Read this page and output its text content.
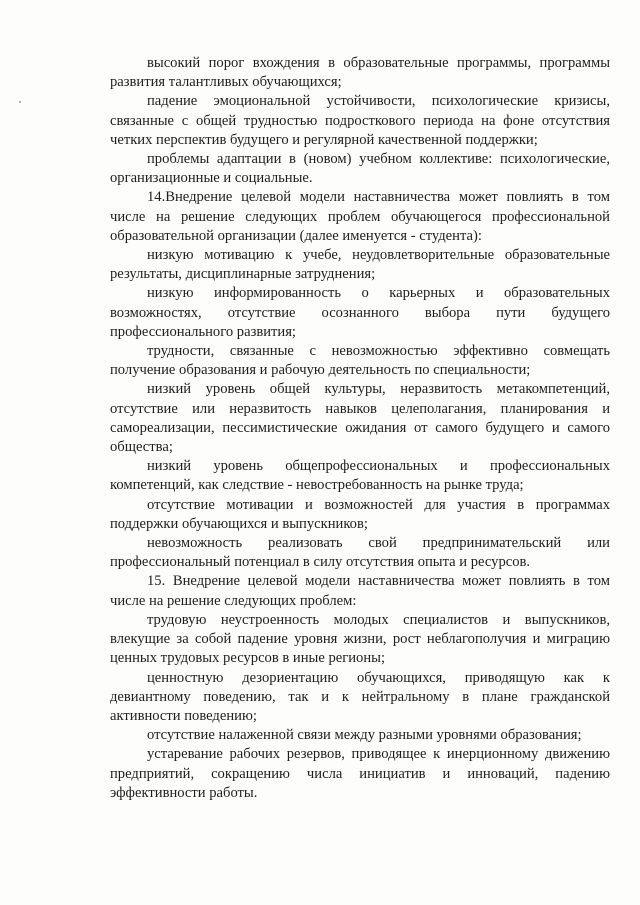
высокий порог вхождения в образовательные программы, программы развития талантливых обучающихся;

падение эмоциональной устойчивости, психологические кризисы, связанные с общей трудностью подросткового периода на фоне отсутствия четких перспектив будущего и регулярной качественной поддержки;

проблемы адаптации в (новом) учебном коллективе: психологические, организационные и социальные.

14.Внедрение целевой модели наставничества может повлиять в том числе на решение следующих проблем обучающегося профессиональной образовательной организации (далее именуется - студента):

низкую мотивацию к учебе, неудовлетворительные образовательные результаты, дисциплинарные затруднения;

низкую информированность о карьерных и образовательных возможностях, отсутствие осознанного выбора пути будущего профессионального развития;

трудности, связанные с невозможностью эффективно совмещать получение образования и рабочую деятельность по специальности;

низкий уровень общей культуры, неразвитость метакомпетенций, отсутствие или неразвитость навыков целеполагания, планирования и самореализации, пессимистические ожидания от самого будущего и самого общества;

низкий уровень общепрофессиональных и профессиональных компетенций, как следствие - невостребованность на рынке труда;

отсутствие мотивации и возможностей для участия в программах поддержки обучающихся и выпускников;

невозможность реализовать свой предпринимательский или профессиональный потенциал в силу отсутствия опыта и ресурсов.

15. Внедрение целевой модели наставничества может повлиять в том числе на решение следующих проблем:

трудовую неустроенность молодых специалистов и выпускников, влекущие за собой падение уровня жизни, рост неблагополучия и миграцию ценных трудовых ресурсов в иные регионы;

ценностную дезориентацию обучающихся, приводящую как к девиантному поведению, так и к нейтральному в плане гражданской активности поведению;

отсутствие налаженной связи между разными уровнями образования;

устаревание рабочих резервов, приводящее к инерционному движению предприятий, сокращению числа инициатив и инноваций, падению эффективности работы.
